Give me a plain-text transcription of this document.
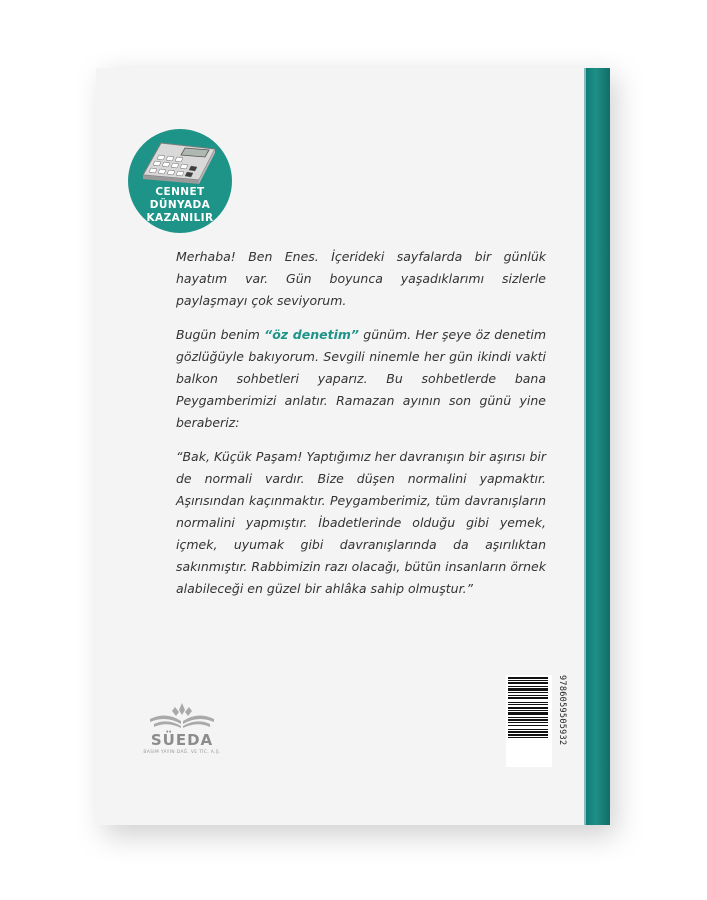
CENNET DÜNYADA
KAZANILIR

Merhaba! Ben Enes. İçerideki sayfalarda bir günlük hayatım var. Gün boyunca yaşadıklarımı sizlerle paylaşmayı çok seviyorum.

Bugün benim “öz denetim” günüm. Her şeye öz denetim gözlüğüyle bakıyorum. Sevgili ninemle her gün ikindi vakti balkon sohbetleri yaparız. Bu sohbetlerde bana Peygamberimizi anlatır. Ramazan ayının son günü yine beraberiz:

“Bak, Küçük Paşam! Yaptığımız her davranışın bir aşırısı bir de normali vardır. Bize düşen normalini yapmaktır. Aşırısından kaçınmaktır. Peygamberimiz, tüm davranışların normalini yapmıştır. İbadetlerinde olduğu gibi yemek, içmek, uyumak gibi davranışlarında da aşırılıktan sakınmıştır. Rabbimizin razı olacağı, bütün insanların örnek alabileceği en güzel bir ahlâka sahip olmuştur.”

9786059505932
SÜEDA
BASIM YAYIN DAĞ. VE TİC. A.Ş.
